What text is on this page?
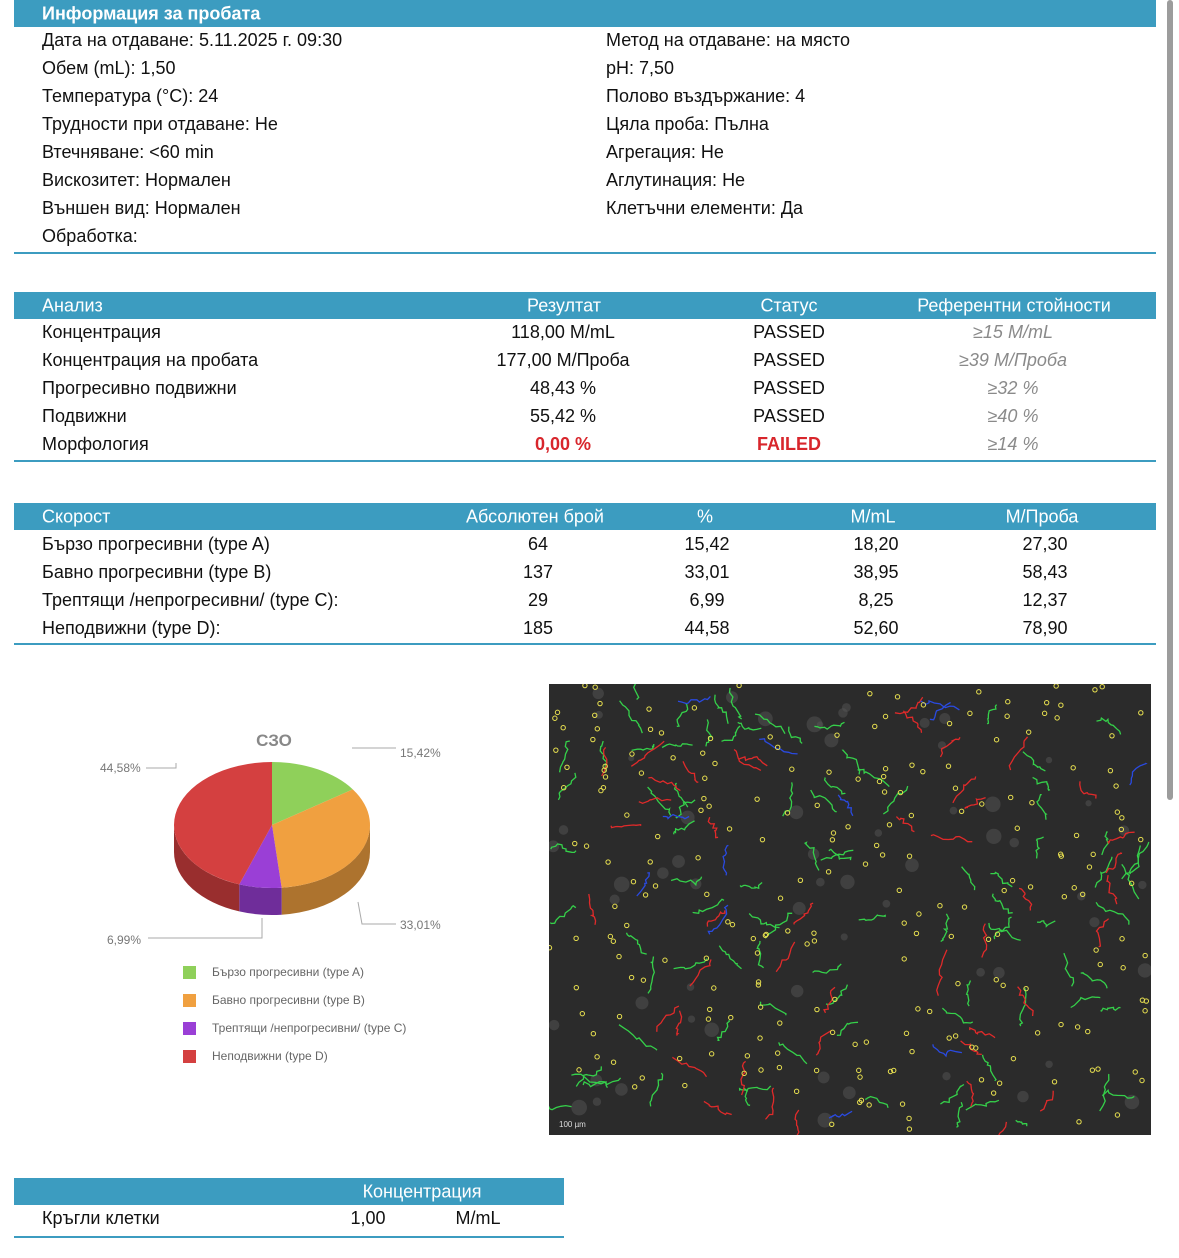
Информация за пробата
Дата на отдаване: 5.11.2025 г. 09:30
Обем (mL): 1,50
Температура (°C): 24
Трудности при отдаване: Не
Втечняване: <60 min
Вискозитет: Нормален
Външен вид: Нормален
Обработка:
Метод на отдаване: на място
pH: 7,50
Полово въздържание: 4
Цяла проба: Пълна
Агрегация: Не
Аглутинация: Не
Клетъчни елементи: Да
Анализ	Резултат	Статус	Референтни стойности
Концентрация	118,00 M/mL	PASSED	≥15 M/mL
Концентрация на пробата	177,00 M/Проба	PASSED	≥39 M/Проба
Прогресивно подвижни	48,43 %	PASSED	≥32 %
Подвижни	55,42 %	PASSED	≥40 %
Морфология	0,00 %	FAILED	≥14 %
Скорост	Абсолютен брой	%	M/mL	M/Проба
Бързо прогресивни (type A)	64	15,42	18,20	27,30
Бавно прогресивни (type B)	137	33,01	38,95	58,43
Трептящи /непрогресивни/ (type C):	29	6,99	8,25	12,37
Неподвижни (type D):	185	44,58	52,60	78,90
СЗО
15,42%
33,01%
6,99%
44,58%
Бързо прогресивни (type A)
Бавно прогресивни (type B)
Трептящи /непрогресивни/ (type C)
Неподвижни (type D)
100 µm
Концентрация
Кръгли клетки	1,00	M/mL
